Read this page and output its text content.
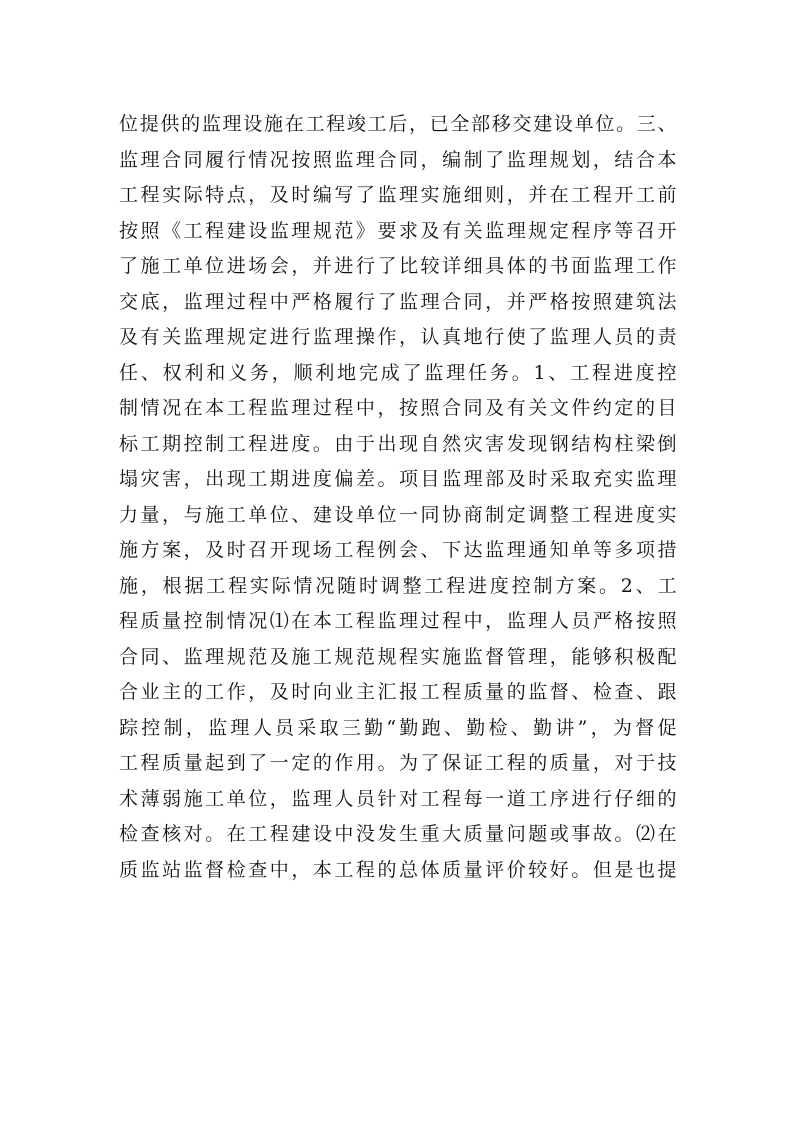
位提供的监理设施在工程竣工后，已全部移交建设单位。三、
监理合同履行情况按照监理合同，编制了监理规划，结合本
工程实际特点，及时编写了监理实施细则，并在工程开工前
按照《工程建设监理规范》要求及有关监理规定程序等召开
了施工单位进场会，并进行了比较详细具体的书面监理工作
交底，监理过程中严格履行了监理合同，并严格按照建筑法
及有关监理规定进行监理操作，认真地行使了监理人员的责
任、权利和义务，顺利地完成了监理任务。1、工程进度控
制情况在本工程监理过程中，按照合同及有关文件约定的目
标工期控制工程进度。由于出现自然灾害发现钢结构柱梁倒
塌灾害，出现工期进度偏差。项目监理部及时采取充实监理
力量，与施工单位、建设单位一同协商制定调整工程进度实
施方案，及时召开现场工程例会、下达监理通知单等多项措
施，根据工程实际情况随时调整工程进度控制方案。2、工
程质量控制情况⑴在本工程监理过程中，监理人员严格按照
合同、监理规范及施工规范规程实施监督管理，能够积极配
合业主的工作，及时向业主汇报工程质量的监督、检查、跟
踪控制，监理人员采取三勤“勤跑、勤检、勤讲”，为督促
工程质量起到了一定的作用。为了保证工程的质量，对于技
术薄弱施工单位，监理人员针对工程每一道工序进行仔细的
检查核对。在工程建设中没发生重大质量问题或事故。⑵在
质监站监督检查中，本工程的总体质量评价较好。但是也提
